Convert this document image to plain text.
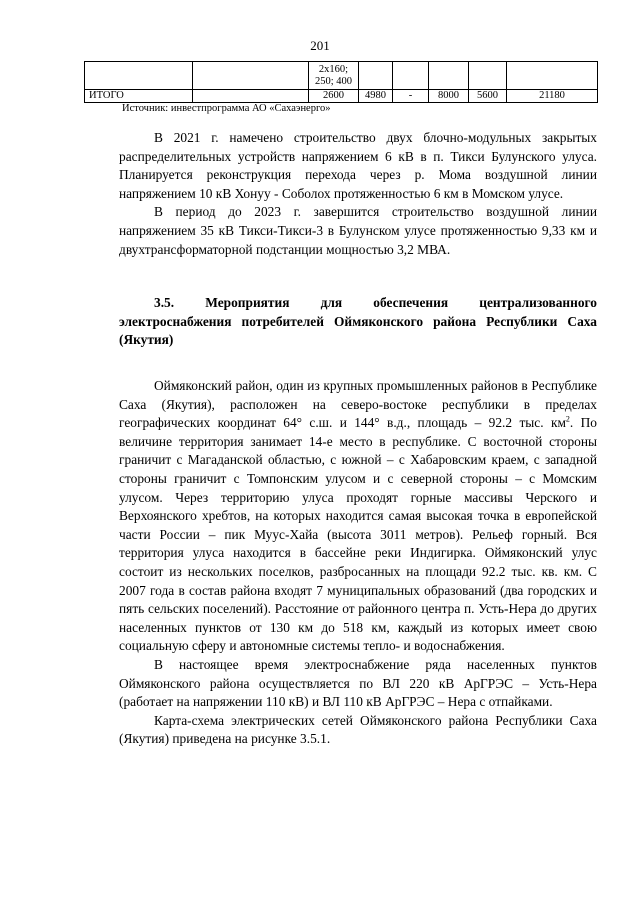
201
		2х160;
250; 400					
ИТОГО		2600	4980	-	8000	5600	21180
Источник: инвестпрограмма АО «Сахаэнерго»

В 2021 г. намечено строительство двух блочно-модульных закрытых распределительных устройств напряжением 6 кВ в п. Тикси Булунского улуса. Планируется реконструкция перехода через р. Мома воздушной линии напряжением 10 кВ Хонуу - Соболох протяженностью 6 км в Момском улусе.

В период до 2023 г. завершится строительство воздушной линии напряжением 35 кВ Тикси-Тикси-3 в Булунском улусе протяженностью 9,33 км и двухтрансформаторной подстанции мощностью 3,2 МВА.

3.5. Мероприятия для обеспечения централизованного электроснабжения потребителей Оймяконского района Республики Саха (Якутия)

Оймяконский район, один из крупных промышленных районов в Республике Саха (Якутия), расположен на северо-востоке республики в пределах географических координат 64° с.ш. и 144° в.д., площадь – 92.2 тыс. $км^2$. По величине территория занимает 14-е место в республике. С восточной стороны граничит с Магаданской областью, с южной – с Хабаровским краем, с западной стороны граничит с Томпонским улусом и с северной стороны – с Момским улусом. Через территорию улуса проходят горные массивы Черского и Верхоянского хребтов, на которых находится самая высокая точка в европейской части России – пик Муус-Хайа (высота 3011 метров). Рельеф горный. Вся территория улуса находится в бассейне реки Индигирка. Оймяконский улус состоит из нескольких поселков, разбросанных на площади 92.2 тыс. кв. км. С 2007 года в состав района входят 7 муниципальных образований (два городских и пять сельских поселений). Расстояние от районного центра п. Усть-Нера до других населенных пунктов от 130 км до 518 км, каждый из которых имеет свою социальную сферу и автономные системы тепло- и водоснабжения.

В настоящее время электроснабжение ряда населенных пунктов Оймяконского района осуществляется по ВЛ 220 кВ АрГРЭС – Усть-Нера (работает на напряжении 110 кВ) и ВЛ 110 кВ АрГРЭС – Нера с отпайками.

Карта-схема электрических сетей Оймяконского района Республики Саха (Якутия) приведена на рисунке 3.5.1.
